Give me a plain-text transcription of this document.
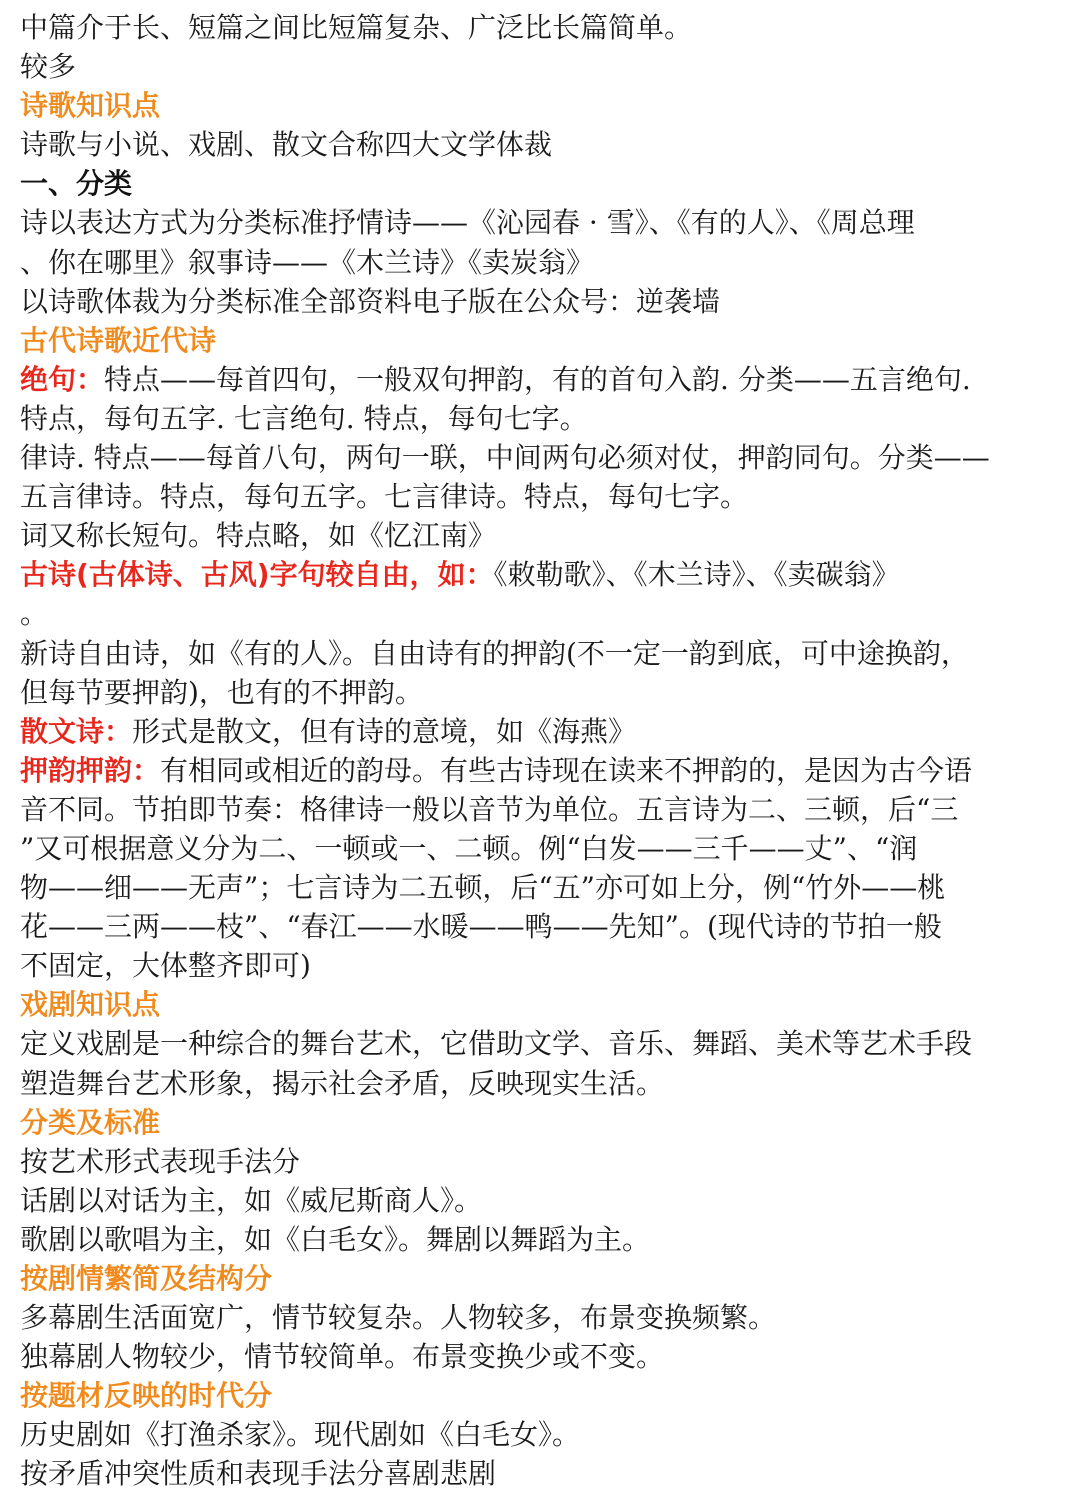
中篇介于长、短篇之间比短篇复杂、广泛比长篇简单。
较多
诗歌知识点
诗歌与小说、戏剧、散文合称四大文学体裁
一、分类
诗以表达方式为分类标准抒情诗——《沁园春 · 雪》、《有的人》、《周总理
、你在哪里》叙事诗——《木兰诗》《卖炭翁》
以诗歌体裁为分类标准全部资料电子版在公众号：逆袭墙
古代诗歌近代诗
绝句：特点——每首四句，一般双句押韵，有的首句入韵. 分类——五言绝句.
特点，每句五字. 七言绝句. 特点，每句七字。
律诗. 特点——每首八句，两句一联，中间两句必须对仗，押韵同句。分类——
五言律诗。特点，每句五字。七言律诗。特点，每句七字。
词又称长短句。特点略，如《忆江南》
古诗(古体诗、古风)字句较自由，如：《敕勒歌》、《木兰诗》、《卖碳翁》
。
新诗自由诗，如《有的人》。自由诗有的押韵(不一定一韵到底，可中途换韵，
但每节要押韵)，也有的不押韵。
散文诗：形式是散文，但有诗的意境，如《海燕》
押韵押韵：有相同或相近的韵母。有些古诗现在读来不押韵的，是因为古今语
音不同。节拍即节奏：格律诗一般以音节为单位。五言诗为二、三顿，后“三
”又可根据意义分为二、一顿或一、二顿。例“白发——三千——丈”、“润
物——细——无声”；七言诗为二五顿，后“五”亦可如上分，例“竹外——桃
花——三两——枝”、“春江——水暖——鸭——先知”。(现代诗的节拍一般
不固定，大体整齐即可)
戏剧知识点
定义戏剧是一种综合的舞台艺术，它借助文学、音乐、舞蹈、美术等艺术手段
塑造舞台艺术形象，揭示社会矛盾，反映现实生活。
分类及标准
按艺术形式表现手法分
话剧以对话为主，如《威尼斯商人》。
歌剧以歌唱为主，如《白毛女》。舞剧以舞蹈为主。
按剧情繁简及结构分
多幕剧生活面宽广，情节较复杂。人物较多，布景变换频繁。
独幕剧人物较少，情节较简单。布景变换少或不变。
按题材反映的时代分
历史剧如《打渔杀家》。现代剧如《白毛女》。
按矛盾冲突性质和表现手法分喜剧悲剧
